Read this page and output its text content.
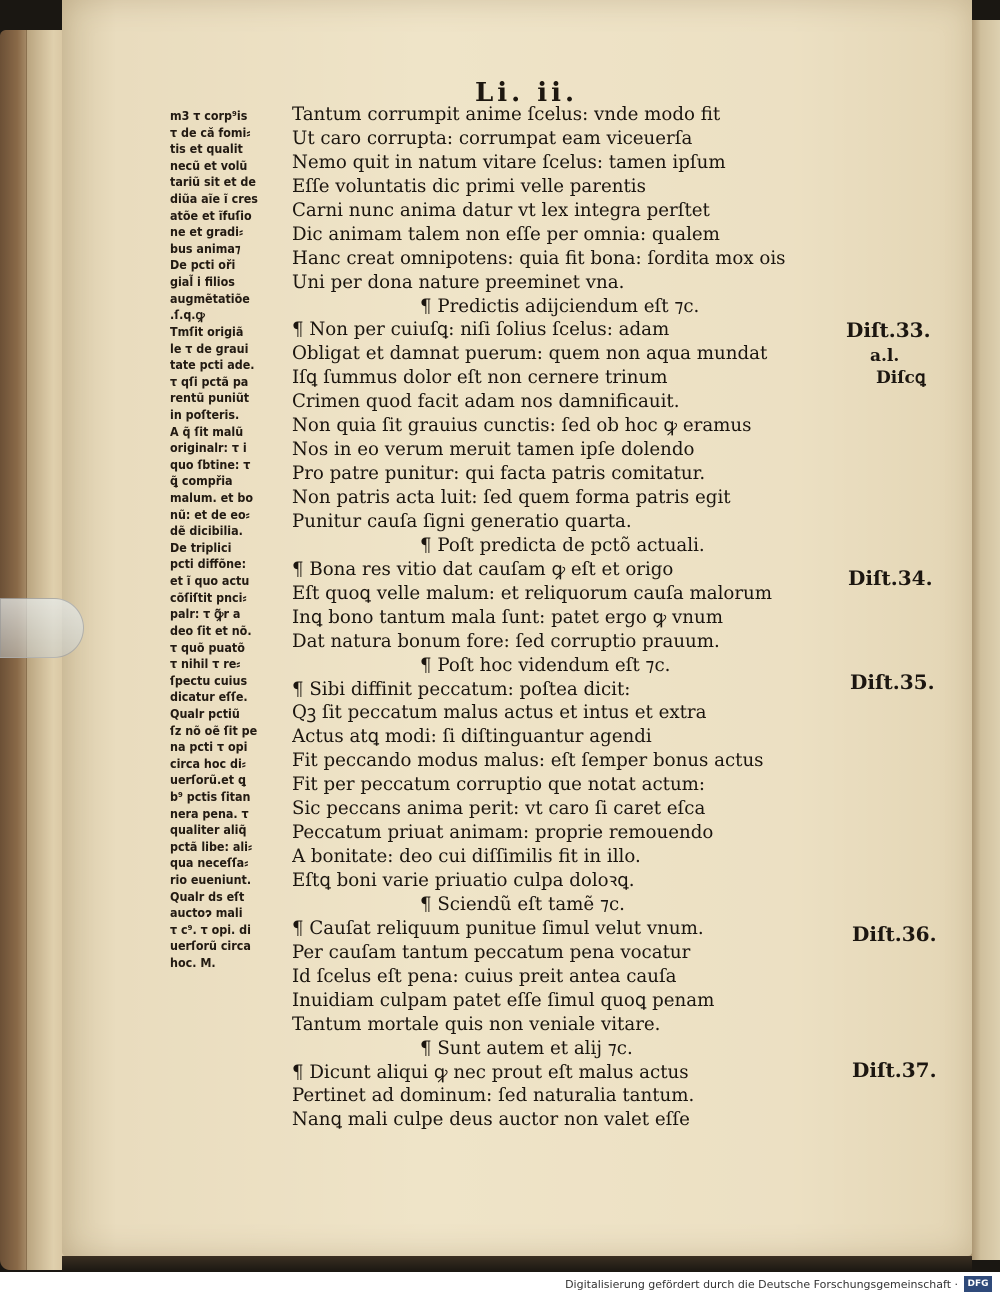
Li. ii.
m3 τ corp⁹is
τ de că fomi⸗
tis et qualit
necũ et volũ
tariũ sit et de
diũa aĩe ĩ cres
atõe et ĩfuſio
ne et gradi⸗
bus anima⁊
De pcti oři
gial̃ i filios
augmẽtatiõe
.ſ.q.ꝙ
Tmſit origiã
le τ de graui
tate pcti ade.
τ qſi pctã pa
rentũ puniũt
in poſteris.
A q̃ ſit malũ
originalr: τ i
quo ſbtine: τ
ꝗ̃ compřia
malum. et bo
nũ: et de eo⸗
dẽ dicibilia.
De triplici
pcti diffõne:
et ĩ quo actu
cõſiſtit pnci⸗
palr: τ ꝙ̃r a
deo ſit et nõ.
τ quõ puatõ
τ nihil τ re⸗
ſpectu cuius
dicatur eſſe.
Qualr pctiũ
ſz nõ oẽ ſit pe
na pcti τ opi
circa hoc di⸗
uerſorũ.et ꝗ
b⁹ pctis ſitan
nera pena. τ
qualiter aliq̃
pctã libe: ali⸗
qua neceſſa⸗
rio eueniunt.
Qualr ds eſt
auctoɂ mali
τ c⁹. τ opi. di
uerſorũ circa
hoc. M.
Tantum corrumpit anime ſcelus: vnde modo fit
Ut caro corrupta: corrumpat eam viceuerſa
Nemo quit in natum vitare ſcelus: tamen ipſum
Eſſe voluntatis dic primi velle parentis
Carni nunc anima datur vt lex integra perſtet
Dic animam talem non eſſe per omnia: qualem
Hanc creat omnipotens: quia fit bona: ſordita mox ois
Uni per dona nature preeminet vna.
¶ Predictis adijciendum eſt ⁊c.
¶ Non per cuiuſꝗ: niſi ſolius ſcelus: adam
Obligat et damnat puerum: quem non aqua mundat
Iſꝗ ſummus dolor eſt non cernere trinum
Crimen quod facit adam nos damnificauit.
Non quia ſit grauius cunctis: ſed ob hoc ꝙ eramus
Nos in eo verum meruit tamen ipſe dolendo
Pro patre punitur: qui facta patris comitatur.
Non patris acta luit: ſed quem forma patris egit
Punitur cauſa ſigni generatio quarta.
¶ Poſt predicta de pctõ actuali.
¶ Bona res vitio dat cauſam ꝙ eſt et origo
Eſt quoꝗ velle malum: et reliquorum cauſa malorum
Inꝗ bono tantum mala ſunt: patet ergo ꝙ vnum
Dat natura bonum fore: ſed corruptio prauum.
¶ Poſt hoc videndum eſt ⁊c.
¶ Sibi diffinit peccatum: poſtea dicit:
Qꝫ ſit peccatum malus actus et intus et extra
Actus atꝗ modi: ſi diſtinguantur agendi
Fit peccando modus malus: eſt ſemper bonus actus
Fit per peccatum corruptio que notat actum:
Sic peccans anima perit: vt caro ſi caret eſca
Peccatum priuat animam: proprie remouendo
A bonitate: deo cui diſſimilis fit in illo.
Eſtꝗ boni varie priuatio culpa doloꝛꝗ.
¶ Sciendũ eſt tamẽ ⁊c.
¶ Cauſat reliquum punitue ſimul velut vnum.
Per cauſam tantum peccatum pena vocatur
Id ſcelus eſt pena: cuius preit antea cauſa
Inuidiam culpam patet eſſe ſimul quoꝗ penam
Tantum mortale quis non veniale vitare.
¶ Sunt autem et alij ⁊c.
¶ Dicunt aliqui ꝙ nec prout eſt malus actus
Pertinet ad dominum: ſed naturalia tantum.
Nanꝗ mali culpe deus auctor non valet eſſe
Diſt.33.
a.l.
Diſcꝗ
Diſt.34.
Diſt.35.
Diſt.36.
Diſt.37.
Digitalisierung gefördert durch die Deutsche Forschungsgemeinschaft ·	DFG
